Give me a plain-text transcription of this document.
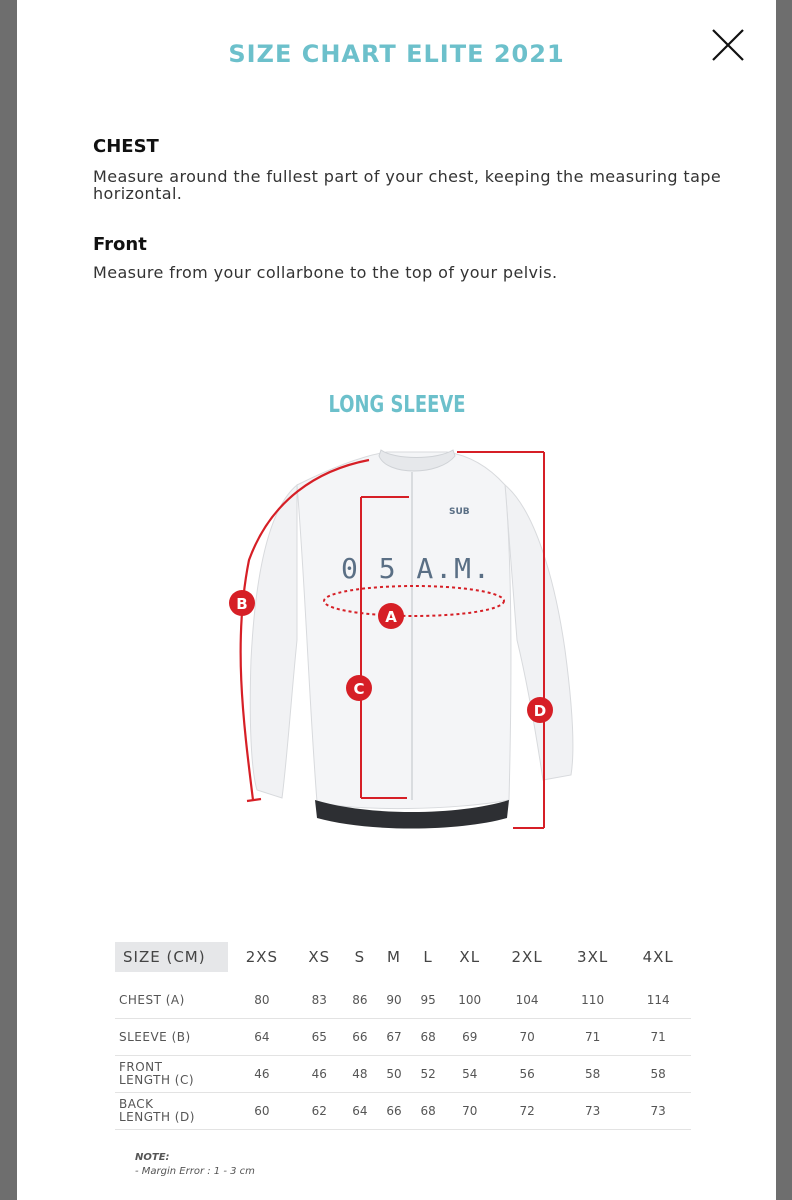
SIZE CHART ELITE 2021
CHEST
Measure around the fullest part of your chest, keeping the measuring tape horizontal.
Front
Measure from your collarbone to the top of your pelvis.
LONG SLEEVE
0 5 A.M.
SUB
A
B
C
D
SIZE (CM)	2XS	XS	S	M	L	XL	2XL	3XL	4XL

CHEST (A)	80	83	86	90	95	100	104	110	114
SLEEVE (B)	64	65	66	67	68	69	70	71	71
FRONT
LENGTH (C)	46	46	48	50	52	54	56	58	58
BACK
LENGTH (D)	60	62	64	66	68	70	72	73	73
NOTE:
- Margin Error : 1 - 3 cm
